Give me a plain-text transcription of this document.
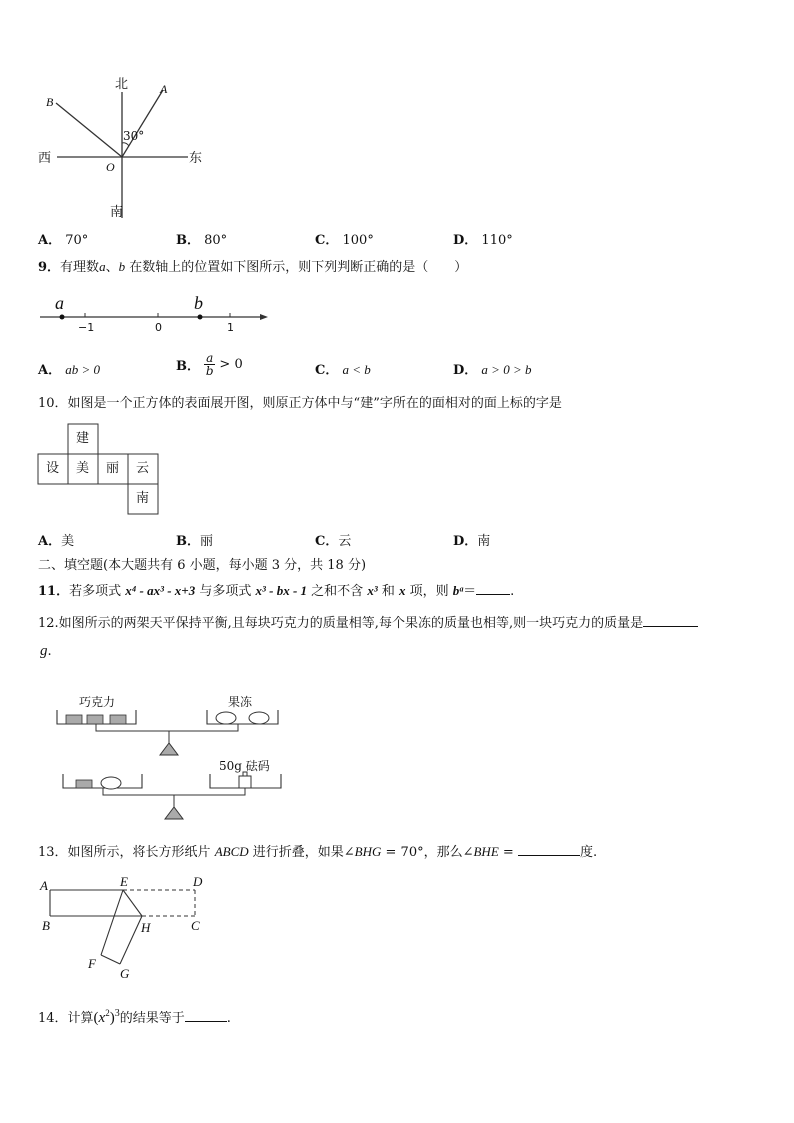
北	A
B
30°
西
O
东
南
A． 70°	B． 80°	C． 100°	D． 110°
9．有理数a、b 在数轴上的位置如下图所示，则下列判断正确的是（　　）
a	b
−1	0	1
A． ab > 0	B． $\frac{a}{b} > 0$	C． a < b	D． a > 0 > b
10．如图是一个正方体的表面展开图，则原正方体中与“建”字所在的面相对的面上标的字是
建
设 美 丽 云
南
A．美	B．丽	C．云	D．南
二、填空题(本大题共有 6 小题，每小题 3 分，共 18 分)
11．若多项式 x⁴ - ax³ - x+3 与多项式 x³ - bx - 1 之和不含 x³ 和 x 项，则 bᵃ＝	.
12.如图所示的两架天平保持平衡,且每块巧克力的质量相等,每个果冻的质量也相等,则一块巧克力的质量是
g.
巧克力	果冻
50g 砝码
13．如图所示，将长方形纸片 ABCD 进行折叠，如果∠BHG = 70°，那么∠BHE =	度.
A
B	C
D
E
F
G
H
14．计算$(x^2)^3$的结果等于	.
